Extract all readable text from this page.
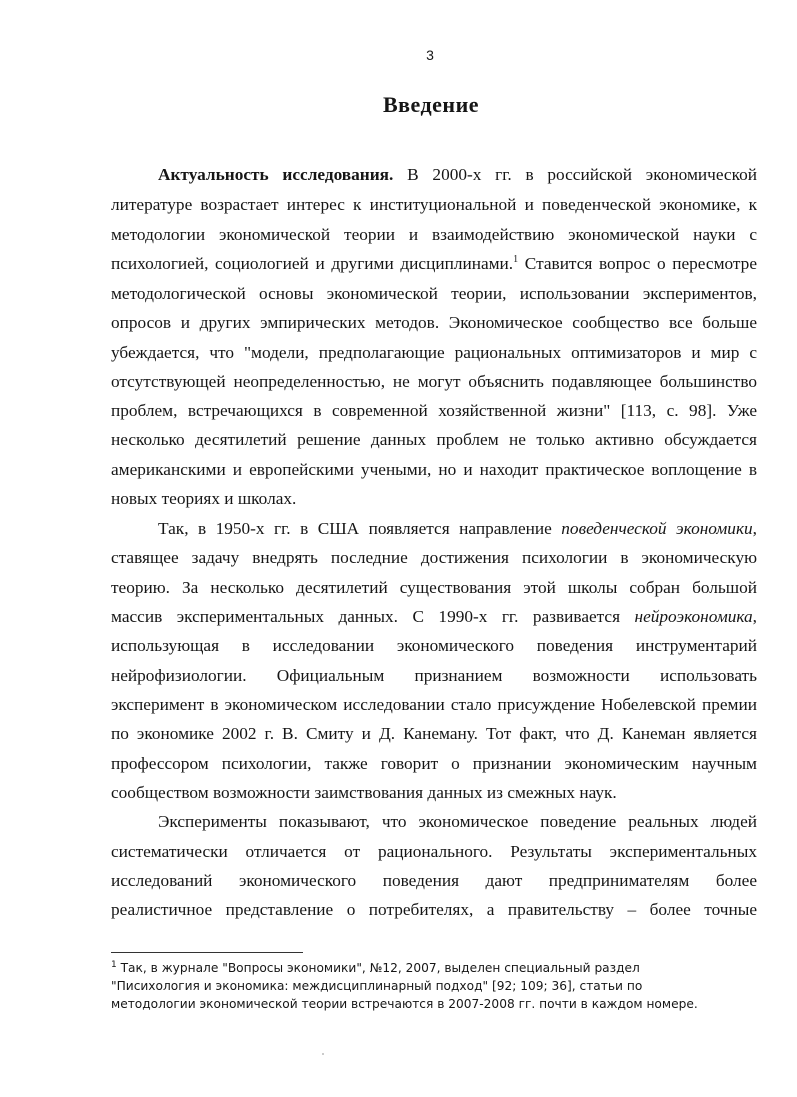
3
Введение
Актуальность исследования. В 2000-х гг. в российской экономической
литературе возрастает интерес к институциональной и поведенческой экономике, к
методологии экономической теории и взаимодействию экономической науки с
психологией, социологией и другими дисциплинами.$^1$ Ставится вопрос о пересмотре
методологической основы экономической теории, использовании экспериментов,
опросов и других эмпирических методов. Экономическое сообщество все больше
убеждается, что "модели, предполагающие рациональных оптимизаторов и мир с
отсутствующей неопределенностью, не могут объяснить подавляющее большинство
проблем, встречающихся в современной хозяйственной жизни" [113, с. 98]. Уже
несколько десятилетий решение данных проблем не только активно обсуждается
американскими и европейскими учеными, но и находит практическое воплощение в
новых теориях и школах.
Так, в 1950-х гг. в США появляется направление поведенческой экономики,
ставящее задачу внедрять последние достижения психологии в экономическую
теорию. За несколько десятилетий существования этой школы собран большой
массив экспериментальных данных. С 1990-х гг. развивается нейроэкономика,
использующая в исследовании экономического поведения инструментарий
нейрофизиологии. Официальным признанием возможности использовать
эксперимент в экономическом исследовании стало присуждение Нобелевской премии
по экономике 2002 г. В. Смиту и Д. Канеману. Тот факт, что Д. Канеман является
профессором психологии, также говорит о признании экономическим научным
сообществом возможности заимствования данных из смежных наук.
Эксперименты показывают, что экономическое поведение реальных людей
систематически отличается от рационального. Результаты экспериментальных
исследований экономического поведения дают предпринимателям более
реалистичное представление о потребителях, а правительству – более точные
$^1$ Так, в журнале "Вопросы экономики", №12, 2007, выделен специальный раздел
"Писихология и экономика: междисциплинарный подход" [92; 109; 36], статьи по
методологии экономической теории встречаются в 2007-2008 гг. почти в каждом номере.
